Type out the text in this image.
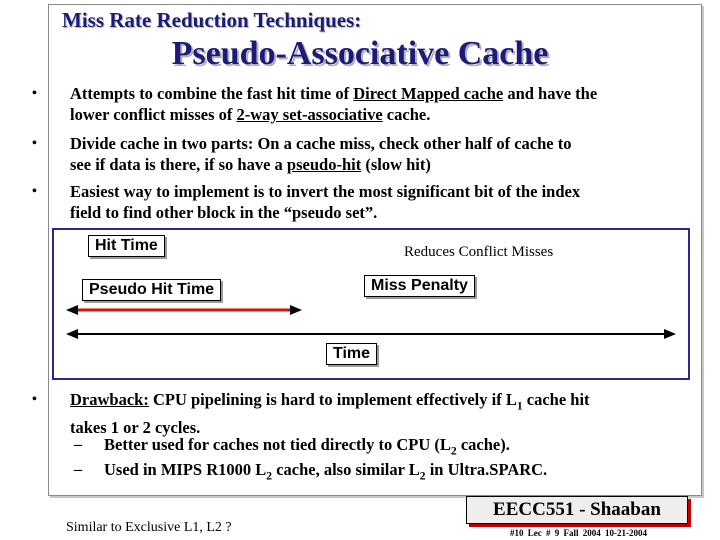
Miss Rate Reduction Techniques:
Pseudo-Associative Cache
• Attempts to combine the fast hit time of Direct Mapped cache and have the
lower conflict misses of 2-way set-associative cache.
• Divide cache in two parts: On a cache miss, check other half of cache to
see if data is there, if so have a pseudo-hit (slow hit)
• Easiest way to implement is to invert the most significant bit of the index
field to find other block in the “pseudo set”.
Hit Time	Reduces Conflict Misses
Pseudo Hit Time	Miss Penalty
Time
• Drawback: CPU pipelining is hard to implement effectively if $L_1$ cache hit
takes 1 or 2 cycles.
– Better used for caches not tied directly to CPU ($L_2$ cache).
– Used in MIPS R1000 $L_2$ cache, also similar $L_2$ in Ultra.SPARC.
EECC551 - Shaaban
Similar to Exclusive L1, L2 ?	#10 Lec # 9 Fall 2004 10-21-2004
